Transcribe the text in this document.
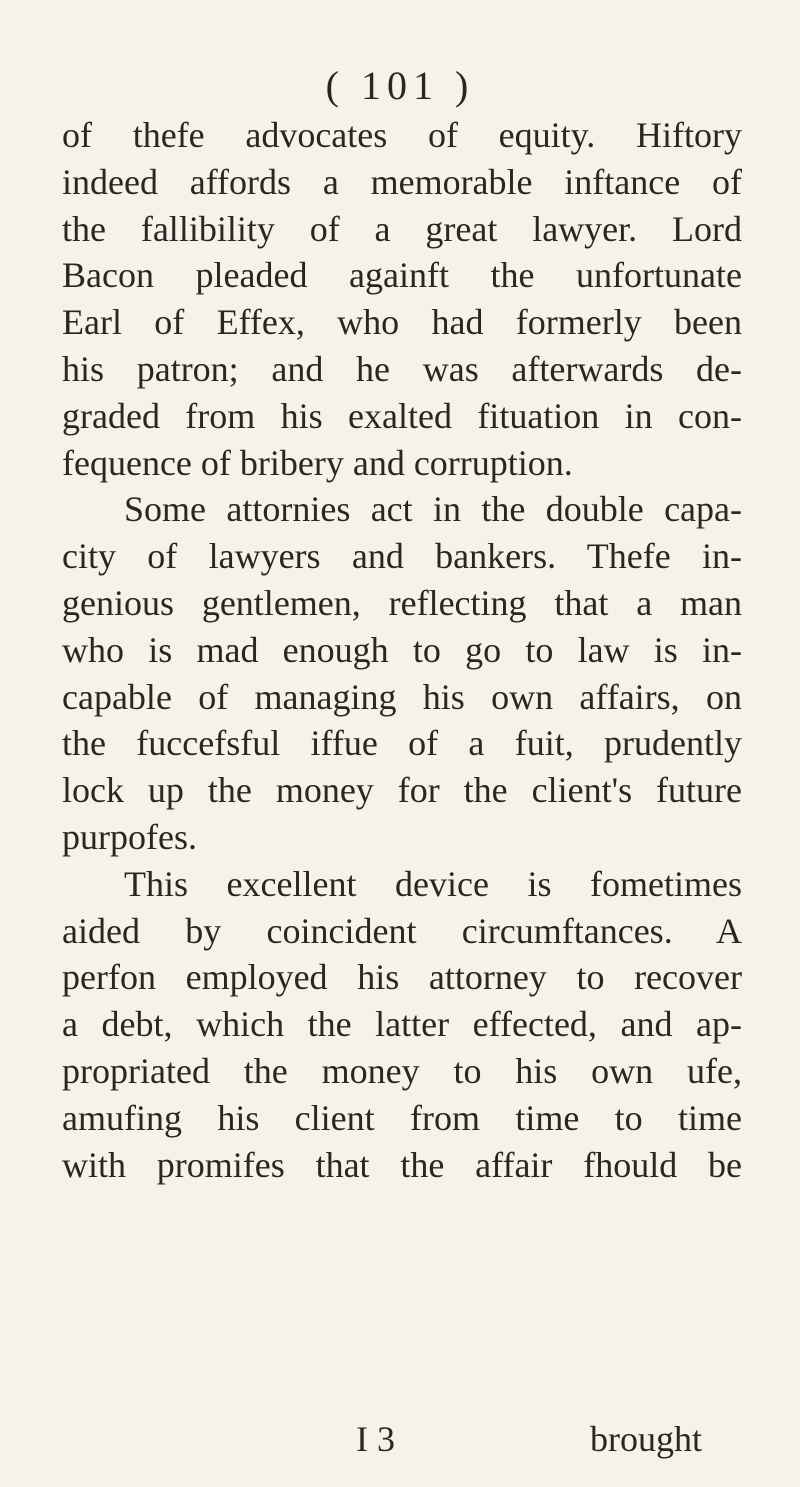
( 101 )
of thefe advocates of equity. Hiftory
indeed affords a memorable inftance of
the fallibility of a great lawyer. Lord
Bacon pleaded againft the unfortunate
Earl of Effex, who had formerly been
his patron; and he was afterwards de-
graded from his exalted fituation in con-
fequence of bribery and corruption.
Some attornies act in the double capa-
city of lawyers and bankers. Thefe in-
genious gentlemen, reflecting that a man
who is mad enough to go to law is in-
capable of managing his own affairs, on
the fuccefsful iffue of a fuit, prudently
lock up the money for the client's future
purpofes.
This excellent device is fometimes
aided by coincident circumftances. A
perfon employed his attorney to recover
a debt, which the latter effected, and ap-
propriated the money to his own ufe,
amufing his client from time to time
with promifes that the affair fhould be
I 3	brought
